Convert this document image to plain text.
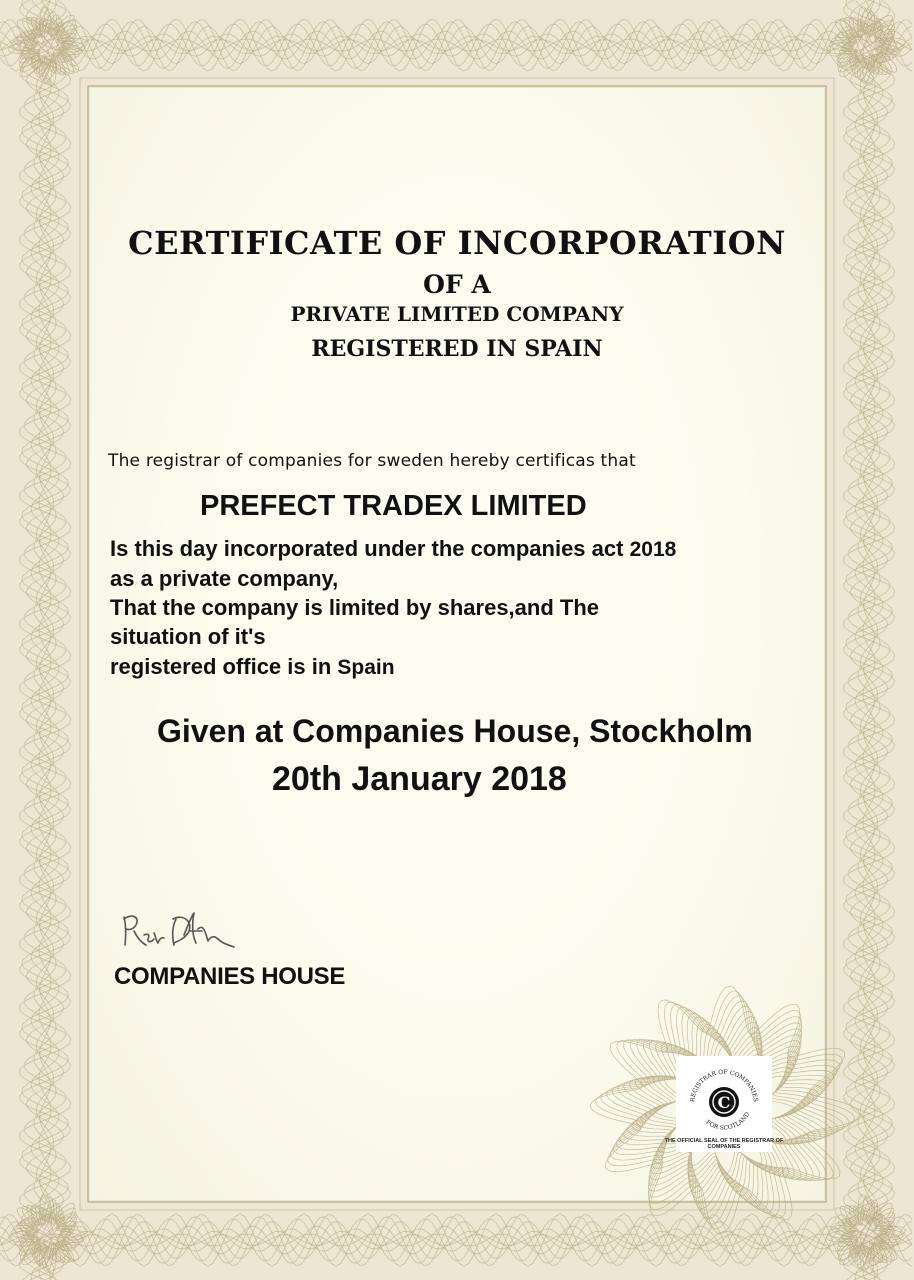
CERTIFICATE OF INCORPORATION
OF A
PRIVATE LIMITED COMPANY
REGISTERED IN SPAIN
The registrar of companies for sweden hereby certificas that
PREFECT TRADEX LIMITED
Is this day incorporated under the companies act 2018
as a private company,
That the company is limited by shares,and The
situation of it's
registered office is in Spain
Given at Companies House, Stockholm
20th January 2018
COMPANIES HOUSE
REGISTRAR OF COMPANIES
FOR SCOTLAND
C
THE OFFICIAL SEAL OF THE REGISTRAR OF COMPANIES
